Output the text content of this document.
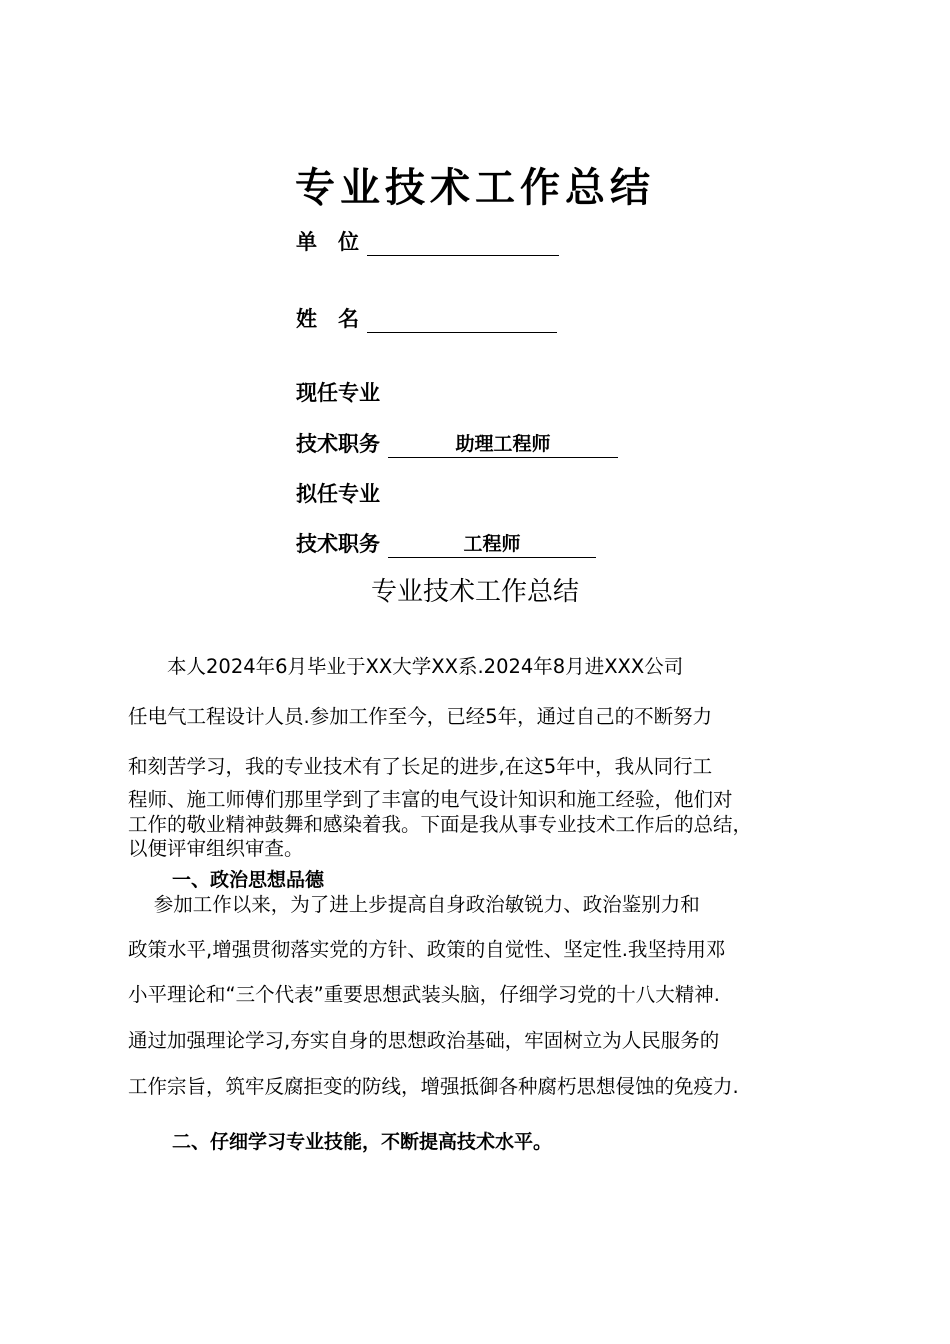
专业技术工作总结
单　位
姓　名
现任专业
技术职务	助理工程师
拟任专业
技术职务	工程师
专业技术工作总结
　　本人2024年6月毕业于XX大学XX系.2024年8月进XXX公司
任电气工程设计人员.参加工作至今，已经5年，通过自己的不断努力
和刻苦学习，我的专业技术有了长足的进步,在这5年中，我从同行工
程师、施工师傅们那里学到了丰富的电气设计知识和施工经验，他们对
工作的敬业精神鼓舞和感染着我。下面是我从事专业技术工作后的总结，
以便评审组织审查。
一、政治思想品德
　 参加工作以来，为了进上步提高自身政治敏锐力、政治鉴别力和
政策水平,增强贯彻落实党的方针、政策的自觉性、坚定性.我坚持用邓
小平理论和“三个代表”重要思想武装头脑，仔细学习党的十八大精神.
通过加强理论学习,夯实自身的思想政治基础，牢固树立为人民服务的
工作宗旨，筑牢反腐拒变的防线，增强抵御各种腐朽思想侵蚀的免疫力.
二、仔细学习专业技能，不断提高技术水平。
